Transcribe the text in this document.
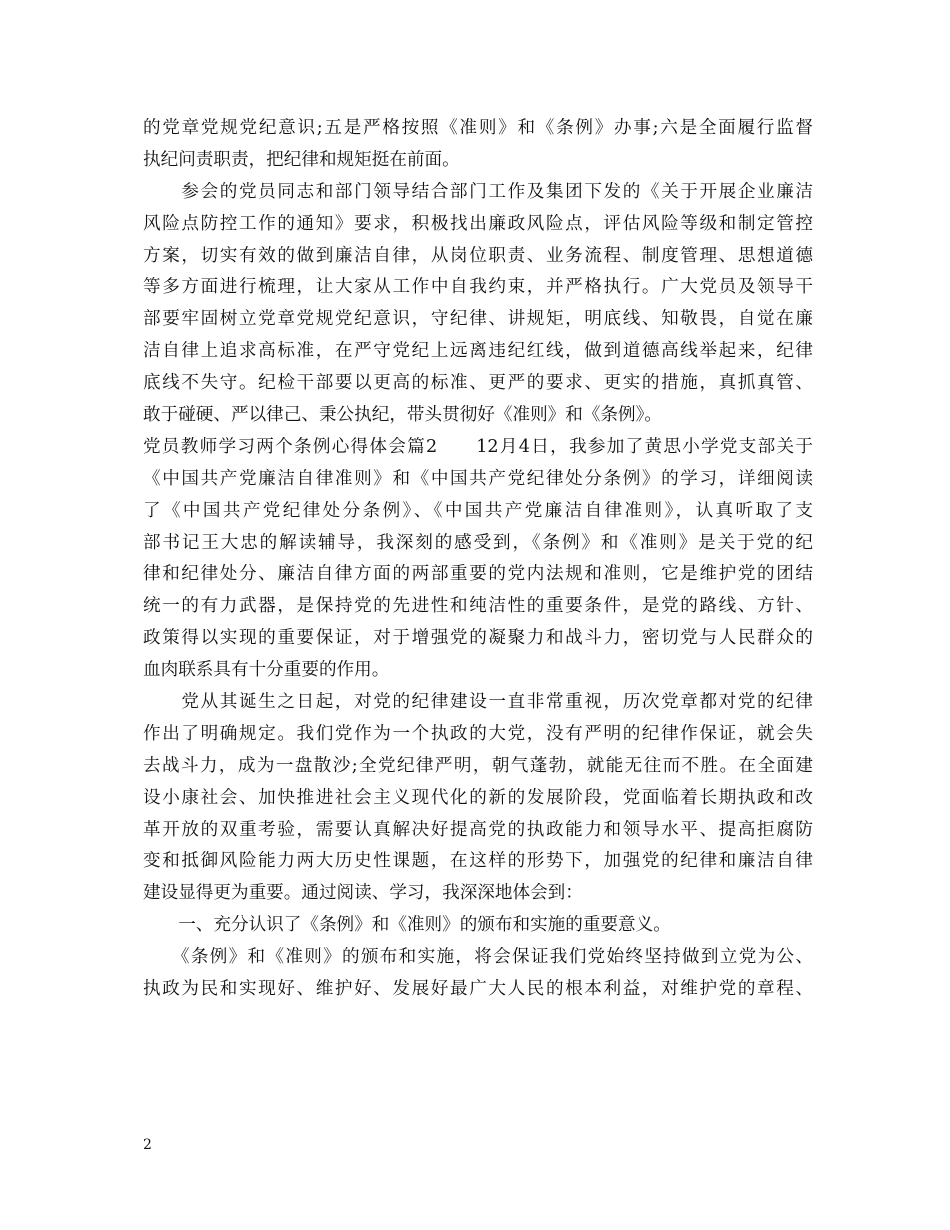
的党章党规党纪意识;五是严格按照《准则》和《条例》办事;六是全面履行监督
执纪问责职责，把纪律和规矩挺在前面。
　　参会的党员同志和部门领导结合部门工作及集团下发的《关于开展企业廉洁
风险点防控工作的通知》要求，积极找出廉政风险点，评估风险等级和制定管控
方案，切实有效的做到廉洁自律，从岗位职责、业务流程、制度管理、思想道德
等多方面进行梳理，让大家从工作中自我约束，并严格执行。广大党员及领导干
部要牢固树立党章党规党纪意识，守纪律、讲规矩，明底线、知敬畏，自觉在廉
洁自律上追求高标准，在严守党纪上远离违纪红线，做到道德高线举起来，纪律
底线不失守。纪检干部要以更高的标准、更严的要求、更实的措施，真抓真管、
敢于碰硬、严以律己、秉公执纪，带头贯彻好《准则》和《条例》。
党员教师学习两个条例心得体会篇2　　12月4日，我参加了黄思小学党支部关于
《中国共产党廉洁自律准则》和《中国共产党纪律处分条例》的学习，详细阅读
了《中国共产党纪律处分条例》、《中国共产党廉洁自律准则》，认真听取了支
部书记王大忠的解读辅导，我深刻的感受到，《条例》和《准则》是关于党的纪
律和纪律处分、廉洁自律方面的两部重要的党内法规和准则，它是维护党的团结
统一的有力武器，是保持党的先进性和纯洁性的重要条件，是党的路线、方针、
政策得以实现的重要保证，对于增强党的凝聚力和战斗力，密切党与人民群众的
血肉联系具有十分重要的作用。
　　党从其诞生之日起，对党的纪律建设一直非常重视，历次党章都对党的纪律
作出了明确规定。我们党作为一个执政的大党，没有严明的纪律作保证，就会失
去战斗力，成为一盘散沙;全党纪律严明，朝气蓬勃，就能无往而不胜。在全面建
设小康社会、加快推进社会主义现代化的新的发展阶段，党面临着长期执政和改
革开放的双重考验，需要认真解决好提高党的执政能力和领导水平、提高拒腐防
变和抵御风险能力两大历史性课题，在这样的形势下，加强党的纪律和廉洁自律
建设显得更为重要。通过阅读、学习，我深深地体会到：
　　一、充分认识了《条例》和《准则》的颁布和实施的重要意义。
　　《条例》和《准则》的颁布和实施，将会保证我们党始终坚持做到立党为公、
执政为民和实现好、维护好、发展好最广大人民的根本利益，对维护党的章程、
2
